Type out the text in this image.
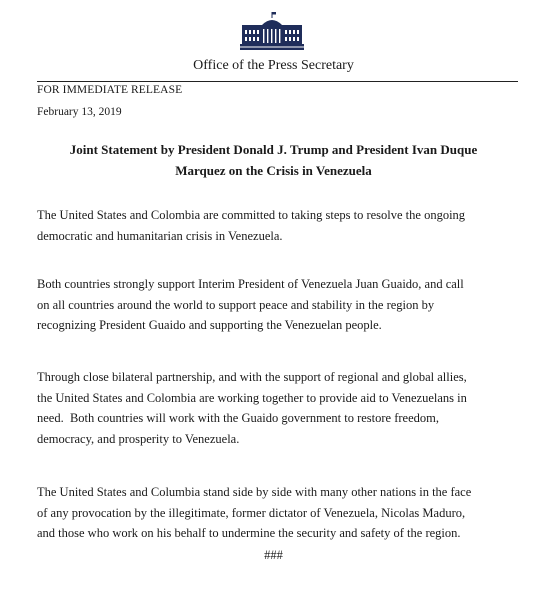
Office of the Press Secretary
FOR IMMEDIATE RELEASE
February 13, 2019
Joint Statement by President Donald J. Trump and President Ivan Duque
Marquez on the Crisis in Venezuela
The United States and Colombia are committed to taking steps to resolve the ongoing
democratic and humanitarian crisis in Venezuela.
Both countries strongly support Interim President of Venezuela Juan Guaido, and call
on all countries around the world to support peace and stability in the region by
recognizing President Guaido and supporting the Venezuelan people.
Through close bilateral partnership, and with the support of regional and global allies,
the United States and Colombia are working together to provide aid to Venezuelans in
need.  Both countries will work with the Guaido government to restore freedom,
democracy, and prosperity to Venezuela.
The United States and Columbia stand side by side with many other nations in the face
of any provocation by the illegitimate, former dictator of Venezuela, Nicolas Maduro,
and those who work on his behalf to undermine the security and safety of the region.
###
